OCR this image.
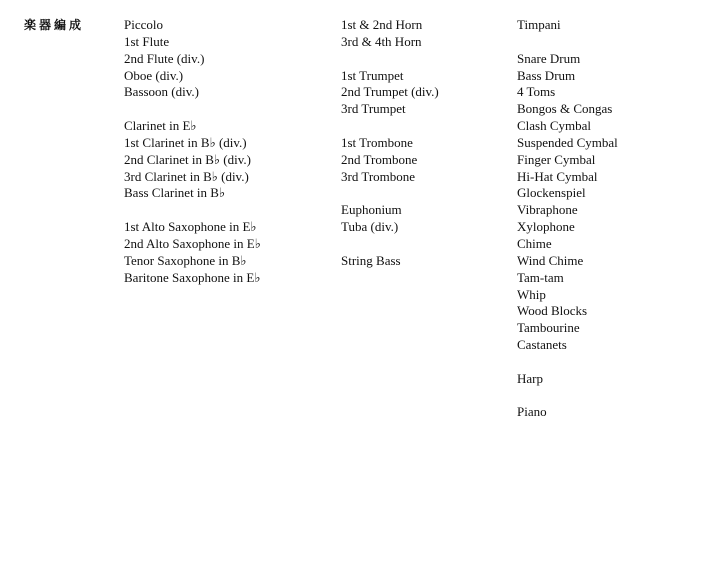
楽器編成	Piccolo
1st Flute
2nd Flute (div.)
Oboe (div.)
Bassoon (div.)
Clarinet in E♭
1st Clarinet in B♭ (div.)
2nd Clarinet in B♭ (div.)
3rd Clarinet in B♭ (div.)
Bass Clarinet in B♭
1st Alto Saxophone in E♭
2nd Alto Saxophone in E♭
Tenor Saxophone in B♭
Baritone Saxophone in E♭
1st & 2nd Horn
3rd & 4th Horn
1st Trumpet
2nd Trumpet (div.)
3rd Trumpet
1st Trombone
2nd Trombone
3rd Trombone
Euphonium
Tuba (div.)
String Bass
Timpani
Snare Drum
Bass Drum
4 Toms
Bongos & Congas
Clash Cymbal
Suspended Cymbal
Finger Cymbal
Hi-Hat Cymbal
Glockenspiel
Vibraphone
Xylophone
Chime
Wind Chime
Tam-tam
Whip
Wood Blocks
Tambourine
Castanets
Harp
Piano
